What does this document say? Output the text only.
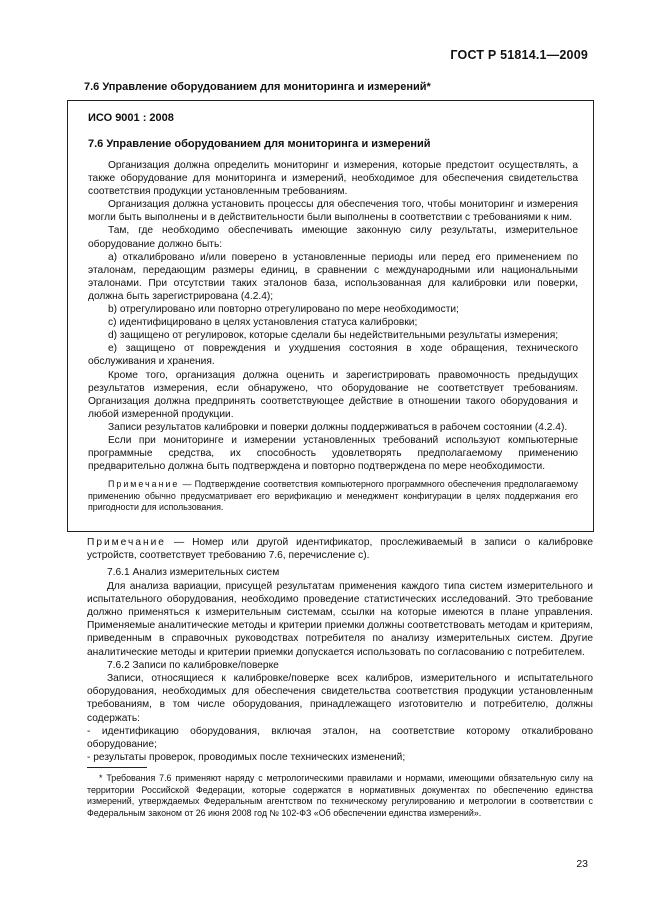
ГОСТ Р 51814.1—2009
7.6 Управление оборудованием для мониторинга и измерений*
ИСО 9001 : 2008
7.6 Управление оборудованием для мониторинга и измерений

Организация должна определить мониторинг и измерения, которые предстоит осуществлять, а также оборудование для мониторинга и измерений, необходимое для обеспечения свидетельства соответствия продукции установленным требованиям.

Организация должна установить процессы для обеспечения того, чтобы мониторинг и измерения могли быть выполнены и в действительности были выполнены в соответствии с требованиями к ним.

Там, где необходимо обеспечивать имеющие законную силу результаты, измерительное оборудование должно быть:

a) откалибровано и/или поверено в установленные периоды или перед его применением по эталонам, передающим размеры единиц, в сравнении с международными или национальными эталонами. При отсутствии таких эталонов база, использованная для калибровки или поверки, должна быть зарегистрирована (4.2.4);

b) отрегулировано или повторно отрегулировано по мере необходимости;

c) идентифицировано в целях установления статуса калибровки;

d) защищено от регулировок, которые сделали бы недействительными результаты измерения;

e) защищено от повреждения и ухудшения состояния в ходе обращения, технического обслуживания и хранения.

Кроме того, организация должна оценить и зарегистрировать правомочность предыдущих результатов измерения, если обнаружено, что оборудование не соответствует требованиям. Организация должна предпринять соответствующее действие в отношении такого оборудования и любой измеренной продукции.

Записи результатов калибровки и поверки должны поддерживаться в рабочем состоянии (4.2.4).

Если при мониторинге и измерении установленных требований используют компьютерные программные средства, их способность удовлетворять предполагаемому применению предварительно должна быть подтверждена и повторно подтверждена по мере необходимости.

Примечание — Подтверждение соответствия компьютерного программного обеспечения предполагаемому применению обычно предусматривает его верификацию и менеджмент конфигурации в целях поддержания его пригодности для использования.

Примечание — Номер или другой идентификатор, прослеживаемый в записи о калибровке устройств, соответствует требованию 7.6, перечисление c).

7.6.1 Анализ измерительных систем

Для анализа вариации, присущей результатам применения каждого типа систем измерительного и испытательного оборудования, необходимо проведение статистических исследований. Это требование должно применяться к измерительным системам, ссылки на которые имеются в плане управления. Применяемые аналитические методы и критерии приемки должны соответствовать методам и критериям, приведенным в справочных руководствах потребителя по анализу измерительных систем. Другие аналитические методы и критерии приемки допускается использовать по согласованию с потребителем.

7.6.2 Записи по калибровке/поверке

Записи, относящиеся к калибровке/поверке всех калибров, измерительного и испытательного оборудования, необходимых для обеспечения свидетельства соответствия продукции установленным требованиям, в том числе оборудования, принадлежащего изготовителю и потребителю, должны содержать:

- идентификацию оборудования, включая эталон, на соответствие которому откалибровано оборудование;

- результаты проверок, проводимых после технических изменений;

* Требования 7.6 применяют наряду с метрологическими правилами и нормами, имеющими обязательную силу на территории Российской Федерации, которые содержатся в нормативных документах по обеспечению единства измерений, утверждаемых Федеральным агентством по техническому регулированию и метрологии в соответствии с Федеральным законом от 26 июня 2008 год № 102-ФЗ «Об обеспечении единства измерений».

23
